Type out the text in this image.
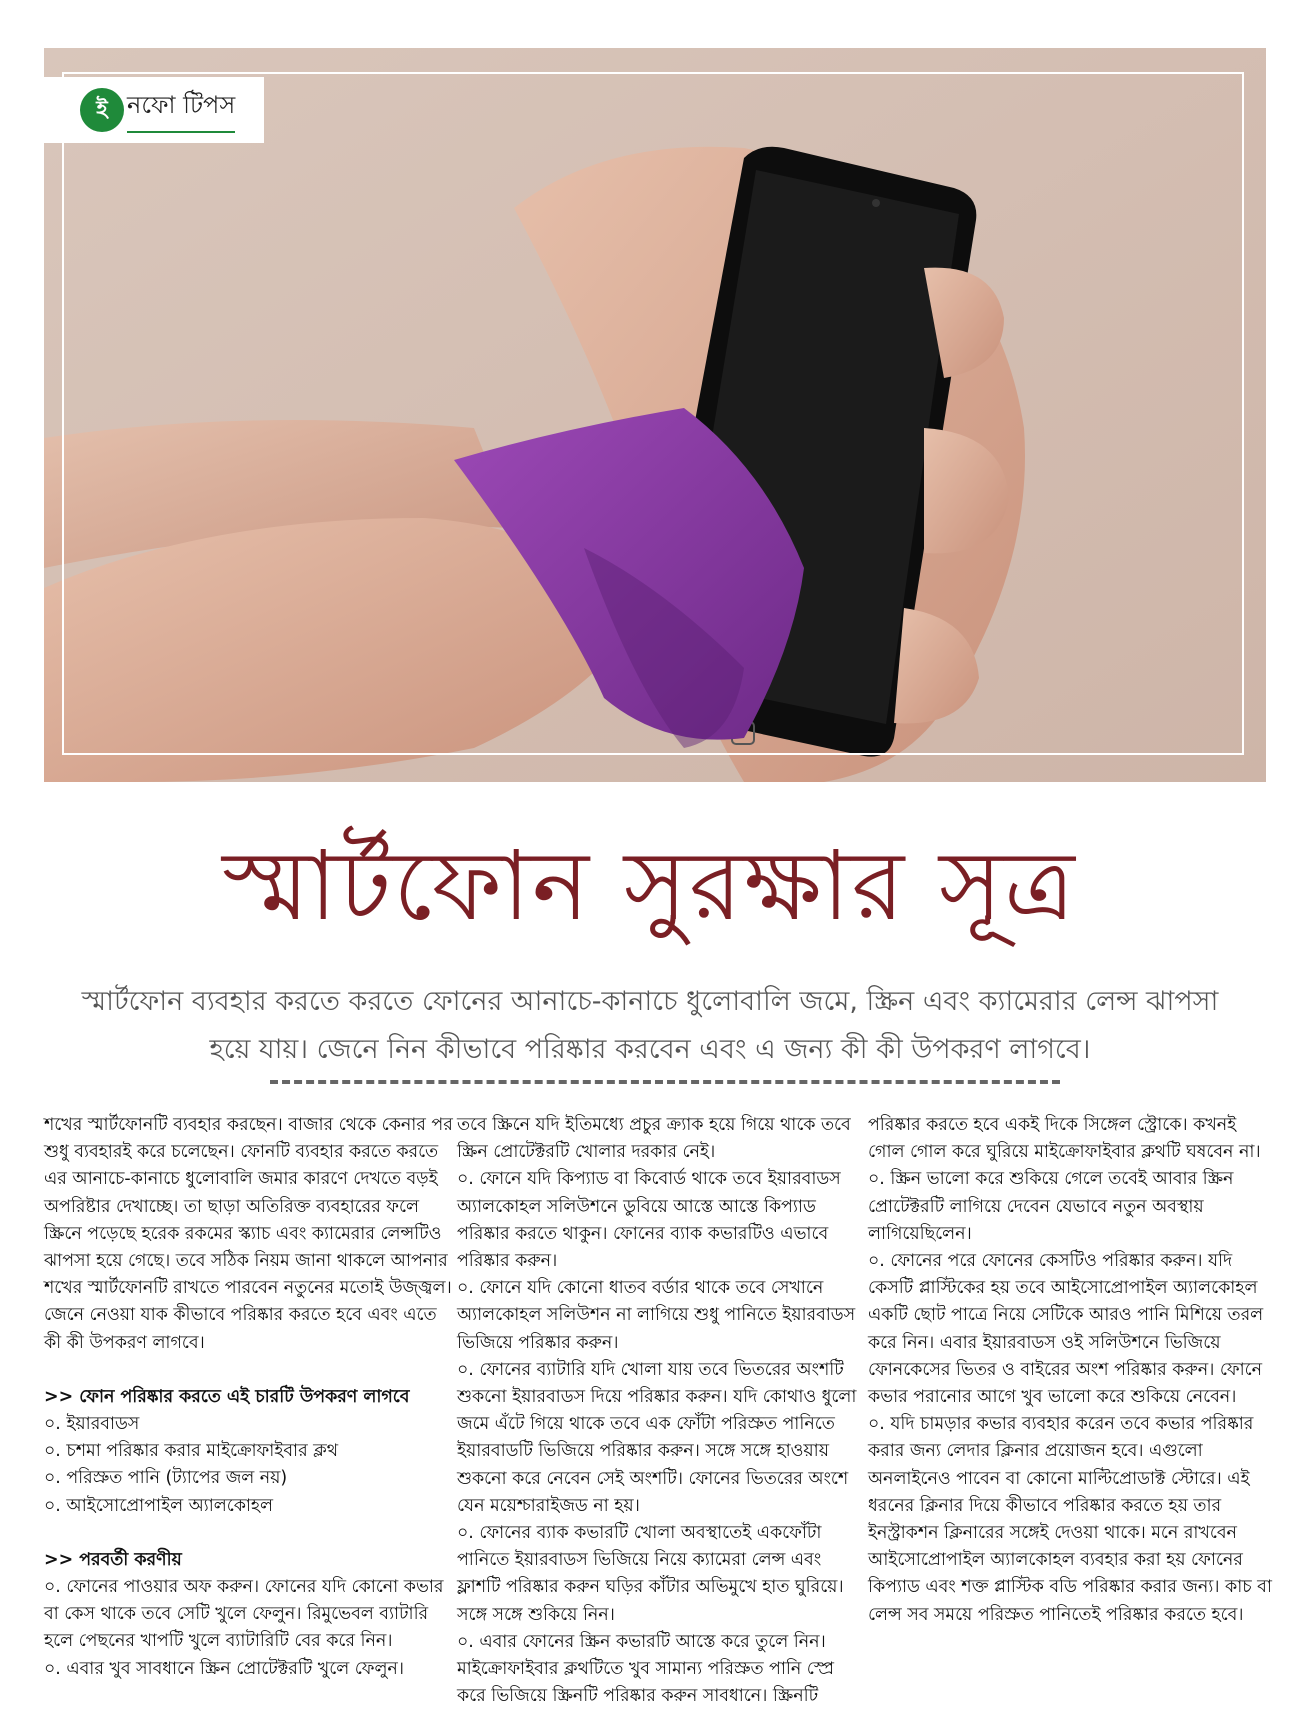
ই নফো টিপস
স্মার্টফোন সুরক্ষার সূত্র
স্মার্টফোন ব্যবহার করতে করতে ফোনের আনাচে-কানাচে ধুলোবালি জমে, স্ক্রিন এবং ক্যামেরার লেন্স ঝাপসা হয়ে যায়। জেনে নিন কীভাবে পরিষ্কার করবেন এবং এ জন্য কী কী উপকরণ লাগবে।

শখের স্মার্টফোনটি ব্যবহার করছেন। বাজার থেকে কেনার পর শুধু ব্যবহারই করে চলেছেন। ফোনটি ব্যবহার করতে করতে এর আনাচে-কানাচে ধুলোবালি জমার কারণে দেখতে বড়ই অপরিষ্টার দেখাচ্ছে। তা ছাড়া অতিরিক্ত ব্যবহারের ফলে স্ক্রিনে পড়েছে হরেক রকমের স্ক্যাচ এবং ক্যামেরার লেন্সটিও ঝাপসা হয়ে গেছে। তবে সঠিক নিয়ম জানা থাকলে আপনার শখের স্মার্টফোনটি রাখতে পারবেন নতুনের মতোই উজ্জ্বল। জেনে নেওয়া যাক কীভাবে পরিষ্কার করতে হবে এবং এতে কী কী উপকরণ লাগবে।

>> ফোন পরিষ্কার করতে এই চারটি উপকরণ লাগবে

০. ইয়ারবাডস

০. চশমা পরিষ্কার করার মাইক্রোফাইবার ক্লথ

০. পরিস্রুত পানি (ট্যাপের জল নয়)

০. আইসোপ্রোপাইল অ্যালকোহল

>> পরবর্তী করণীয়

০. ফোনের পাওয়ার অফ করুন। ফোনের যদি কোনো কভার বা কেস থাকে তবে সেটি খুলে ফেলুন। রিমুভেবল ব্যাটারি হলে পেছনের খাপটি খুলে ব্যাটারিটি বের করে নিন।

০. এবার খুব সাবধানে স্ক্রিন প্রোটেক্টরটি খুলে ফেলুন।

তবে স্ক্রিনে যদি ইতিমধ্যে প্রচুর ক্র্যাক হয়ে গিয়ে থাকে তবে স্ক্রিন প্রোটেক্টরটি খোলার দরকার নেই।

০. ফোনে যদি কিপ্যাড বা কিবোর্ড থাকে তবে ইয়ারবাডস অ্যালকোহল সলিউশনে ডুবিয়ে আস্তে আস্তে কিপ্যাড পরিষ্কার করতে থাকুন। ফোনের ব্যাক কভারটিও এভাবে পরিষ্কার করুন।

০. ফোনে যদি কোনো ধাতব বর্ডার থাকে তবে সেখানে অ্যালকোহল সলিউশন না লাগিয়ে শুধু পানিতে ইয়ারবাডস ভিজিয়ে পরিষ্কার করুন।

০. ফোনের ব্যাটারি যদি খোলা যায় তবে ভিতরের অংশটি শুকনো ইয়ারবাডস দিয়ে পরিষ্কার করুন। যদি কোথাও ধুলো জমে এঁটে গিয়ে থাকে তবে এক ফোঁটা পরিস্রুত পানিতে ইয়ারবাডটি ভিজিয়ে পরিষ্কার করুন। সঙ্গে সঙ্গে হাওয়ায় শুকনো করে নেবেন সেই অংশটি। ফোনের ভিতরের অংশে যেন ময়েশ্চারাইজড না হয়।

০. ফোনের ব্যাক কভারটি খোলা অবস্থাতেই একফোঁটা পানিতে ইয়ারবাডস ভিজিয়ে নিয়ে ক্যামেরা লেন্স এবং ফ্লাশটি পরিষ্কার করুন ঘড়ির কাঁটার অভিমুখে হাত ঘুরিয়ে। সঙ্গে সঙ্গে শুকিয়ে নিন।

০. এবার ফোনের স্ক্রিন কভারটি আস্তে করে তুলে নিন। মাইক্রোফাইবার ক্লথটিতে খুব সামান্য পরিস্রুত পানি স্প্রে করে ভিজিয়ে স্ক্রিনটি পরিষ্কার করুন সাবধানে। স্ক্রিনটি

পরিষ্কার করতে হবে একই দিকে সিঙ্গেল স্ট্রোকে। কখনই গোল গোল করে ঘুরিয়ে মাইক্রোফাইবার ক্লথটি ঘষবেন না।

০. স্ক্রিন ভালো করে শুকিয়ে গেলে তবেই আবার স্ক্রিন প্রোটেক্টরটি লাগিয়ে দেবেন যেভাবে নতুন অবস্থায় লাগিয়েছিলেন।

০. ফোনের পরে ফোনের কেসটিও পরিষ্কার করুন। যদি কেসটি প্লাস্টিকের হয় তবে আইসোপ্রোপাইল অ্যালকোহল একটি ছোট পাত্রে নিয়ে সেটিকে আরও পানি মিশিয়ে তরল করে নিন। এবার ইয়ারবাডস ওই সলিউশনে ভিজিয়ে ফোনকেসের ভিতর ও বাইরের অংশ পরিষ্কার করুন। ফোনে কভার পরানোর আগে খুব ভালো করে শুকিয়ে নেবেন।

০. যদি চামড়ার কভার ব্যবহার করেন তবে কভার পরিষ্কার করার জন্য লেদার ক্লিনার প্রয়োজন হবে। এগুলো অনলাইনেও পাবেন বা কোনো মাল্টিপ্রোডাক্ট স্টোরে। এই ধরনের ক্লিনার দিয়ে কীভাবে পরিষ্কার করতে হয় তার ইনস্ট্রাকশন ক্লিনারের সঙ্গেই দেওয়া থাকে। মনে রাখবেন আইসোপ্রোপাইল অ্যালকোহল ব্যবহার করা হয় ফোনের কিপ্যাড এবং শক্ত প্লাস্টিক বডি পরিষ্কার করার জন্য। কাচ বা লেন্স সব সময়ে পরিস্রুত পানিতেই পরিষ্কার করতে হবে।
